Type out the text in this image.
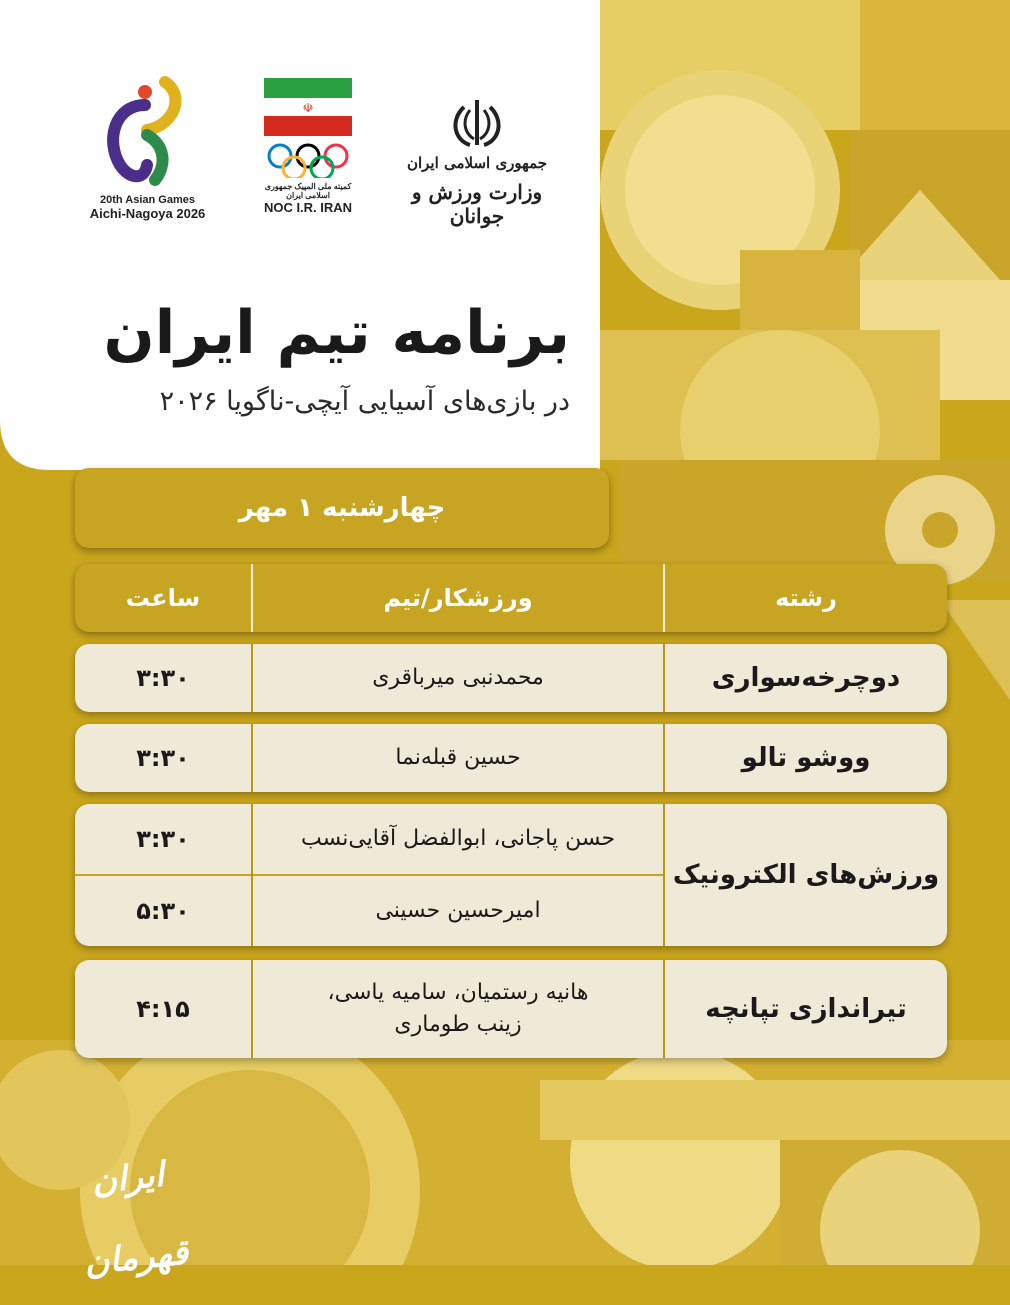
20th Asian Games
Aichi-Nagoya 2026
☫
کمیته ملی المپیک جمهوری اسلامی ایران
NOC I.R. IRAN
جمهوری اسلامی ایران
وزارت ورزش و جوانان
برنامه تیم ایران
در بازی‌های آسیایی آیچی-ناگویا ۲۰۲۶
چهارشنبه ۱ مهر
رشته
ورزشکار/تیم
ساعت
دوچرخه‌سواری
محمدنبی میرباقری
۳:۳۰
ووشو تالو
حسین قبله‌نما
۳:۳۰
ورزش‌های الکترونیک
حسن پاجانی، ابوالفضل آقایی‌نسب
۳:۳۰
امیرحسین حسینی
۵:۳۰
تیراندازی تپانچه
هانیه رستمیان، سامیه یاسی، زینب طوماری
۴:۱۵
ایران قهرمان
